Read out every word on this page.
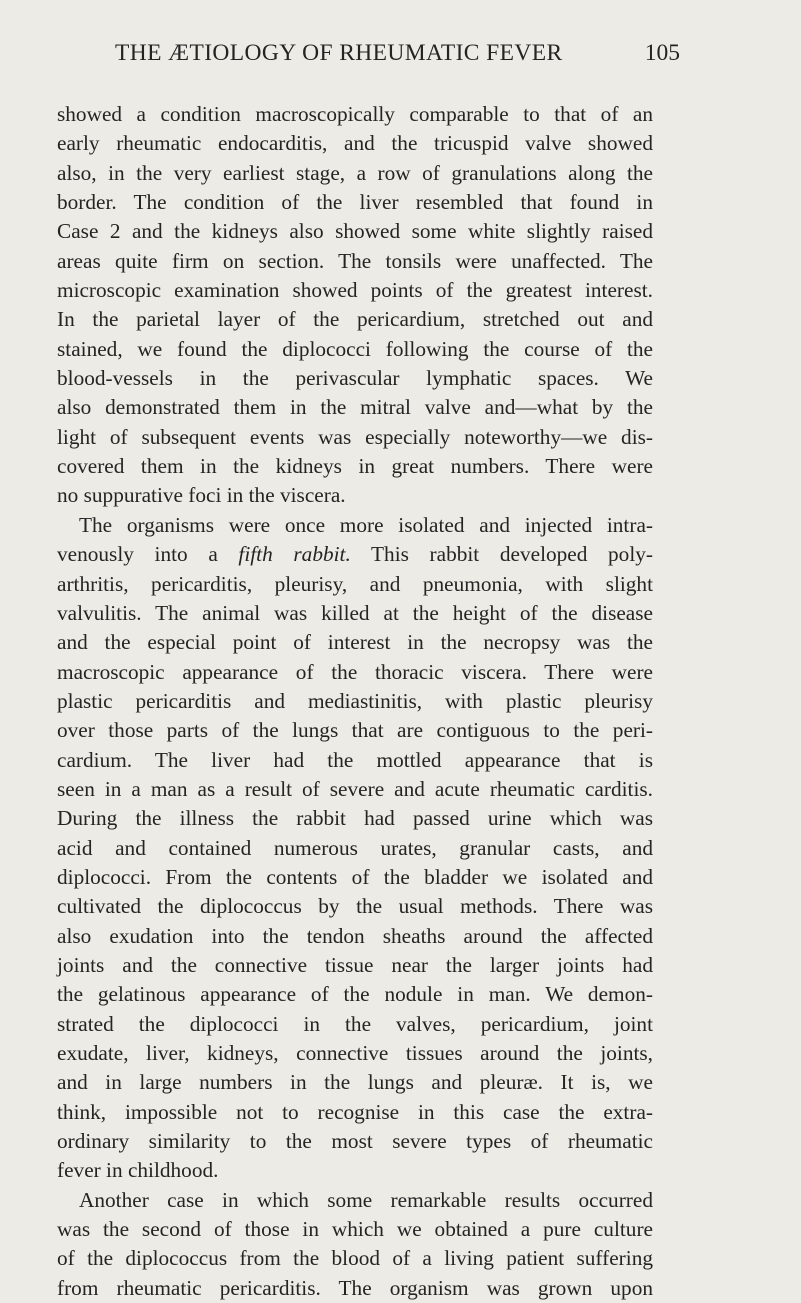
THE ÆTIOLOGY OF RHEUMATIC FEVER	105
showed a condition macroscopically comparable to that of an
early rheumatic endocarditis, and the tricuspid valve showed
also, in the very earliest stage, a row of granulations along the
border. The condition of the liver resembled that found in
Case 2 and the kidneys also showed some white slightly raised
areas quite firm on section. The tonsils were unaffected. The
microscopic examination showed points of the greatest interest.
In the parietal layer of the pericardium, stretched out and
stained, we found the diplococci following the course of the
blood-vessels in the perivascular lymphatic spaces. We
also demonstrated them in the mitral valve and—what by the
light of subsequent events was especially noteworthy—we dis-
covered them in the kidneys in great numbers. There were
no suppurative foci in the viscera.
The organisms were once more isolated and injected intra-
venously into a fifth rabbit. This rabbit developed poly-
arthritis, pericarditis, pleurisy, and pneumonia, with slight
valvulitis. The animal was killed at the height of the disease
and the especial point of interest in the necropsy was the
macroscopic appearance of the thoracic viscera. There were
plastic pericarditis and mediastinitis, with plastic pleurisy
over those parts of the lungs that are contiguous to the peri-
cardium. The liver had the mottled appearance that is
seen in a man as a result of severe and acute rheumatic carditis.
During the illness the rabbit had passed urine which was
acid and contained numerous urates, granular casts, and
diplococci. From the contents of the bladder we isolated and
cultivated the diplococcus by the usual methods. There was
also exudation into the tendon sheaths around the affected
joints and the connective tissue near the larger joints had
the gelatinous appearance of the nodule in man. We demon-
strated the diplococci in the valves, pericardium, joint
exudate, liver, kidneys, connective tissues around the joints,
and in large numbers in the lungs and pleuræ. It is, we
think, impossible not to recognise in this case the extra-
ordinary similarity to the most severe types of rheumatic
fever in childhood.
Another case in which some remarkable results occurred
was the second of those in which we obtained a pure culture
of the diplococcus from the blood of a living patient suffering
from rheumatic pericarditis. The organism was grown upon
